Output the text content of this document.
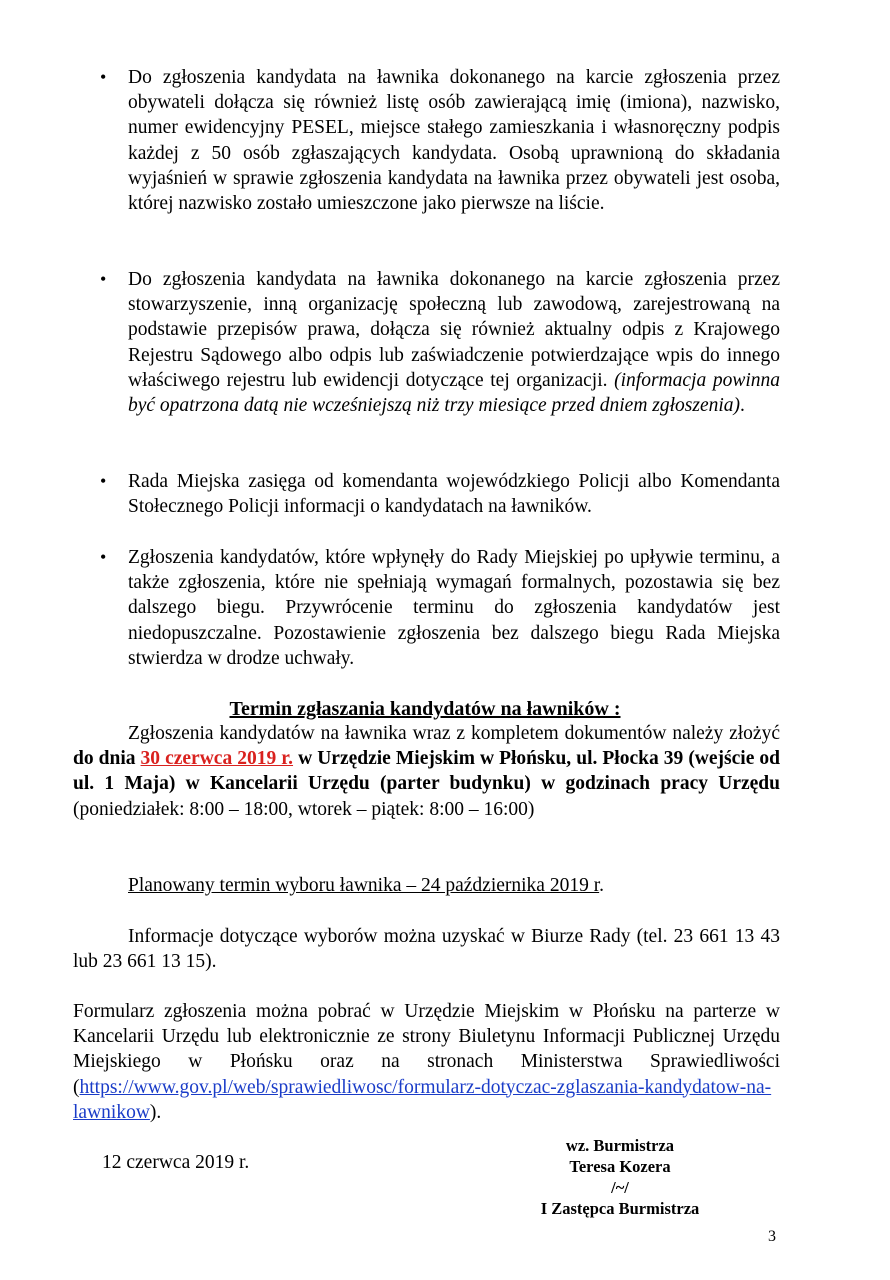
• Do zgłoszenia kandydata na ławnika dokonanego na karcie zgłoszenia przez obywateli dołącza się również listę osób zawierającą imię (imiona), nazwisko, numer ewidencyjny PESEL, miejsce stałego zamieszkania i własnoręczny podpis każdej z 50 osób zgłaszających kandydata. Osobą uprawnioną do składania wyjaśnień w sprawie zgłoszenia kandydata na ławnika przez obywateli jest osoba, której nazwisko zostało umieszczone jako pierwsze na liście.
• Do zgłoszenia kandydata na ławnika dokonanego na karcie zgłoszenia przez stowarzyszenie, inną organizację społeczną lub zawodową, zarejestrowaną na podstawie przepisów prawa, dołącza się również aktualny odpis z Krajowego Rejestru Sądowego albo odpis lub zaświadczenie potwierdzające wpis do innego właściwego rejestru lub ewidencji dotyczące tej organizacji. (informacja powinna być opatrzona datą nie wcześniejszą niż trzy miesiące przed dniem zgłoszenia).
• Rada Miejska zasięga od komendanta wojewódzkiego Policji albo Komendanta Stołecznego Policji informacji o kandydatach na ławników.
• Zgłoszenia kandydatów, które wpłynęły do Rady Miejskiej po upływie terminu, a także zgłoszenia, które nie spełniają wymagań formalnych, pozostawia się bez dalszego biegu. Przywrócenie terminu do zgłoszenia kandydatów jest niedopuszczalne. Pozostawienie zgłoszenia bez dalszego biegu Rada Miejska stwierdza w drodze uchwały.
Termin zgłaszania kandydatów na ławników :
Zgłoszenia kandydatów na ławnika wraz z kompletem dokumentów należy złożyć do dnia 30 czerwca 2019 r. w Urzędzie Miejskim w Płońsku, ul. Płocka 39 (wejście od ul. 1 Maja) w Kancelarii Urzędu (parter budynku) w godzinach pracy Urzędu (poniedziałek: 8:00 – 18:00, wtorek – piątek: 8:00 – 16:00)
Planowany termin wyboru ławnika – 24 października 2019 r.
Informacje dotyczące wyborów można uzyskać w Biurze Rady (tel. 23 661 13 43 lub 23 661 13 15).
Formularz zgłoszenia można pobrać w Urzędzie Miejskim w Płońsku na parterze w Kancelarii Urzędu lub elektronicznie ze strony Biuletynu Informacji Publicznej Urzędu Miejskiego w Płońsku oraz na stronach Ministerstwa Sprawiedliwości (https://www.gov.pl/web/sprawiedliwosc/formularz-dotyczac-zglaszania-kandydatow-na-lawnikow).
12 czerwca 2019 r.
wz. Burmistrza
Teresa Kozera
/~/
I Zastępca Burmistrza
3
